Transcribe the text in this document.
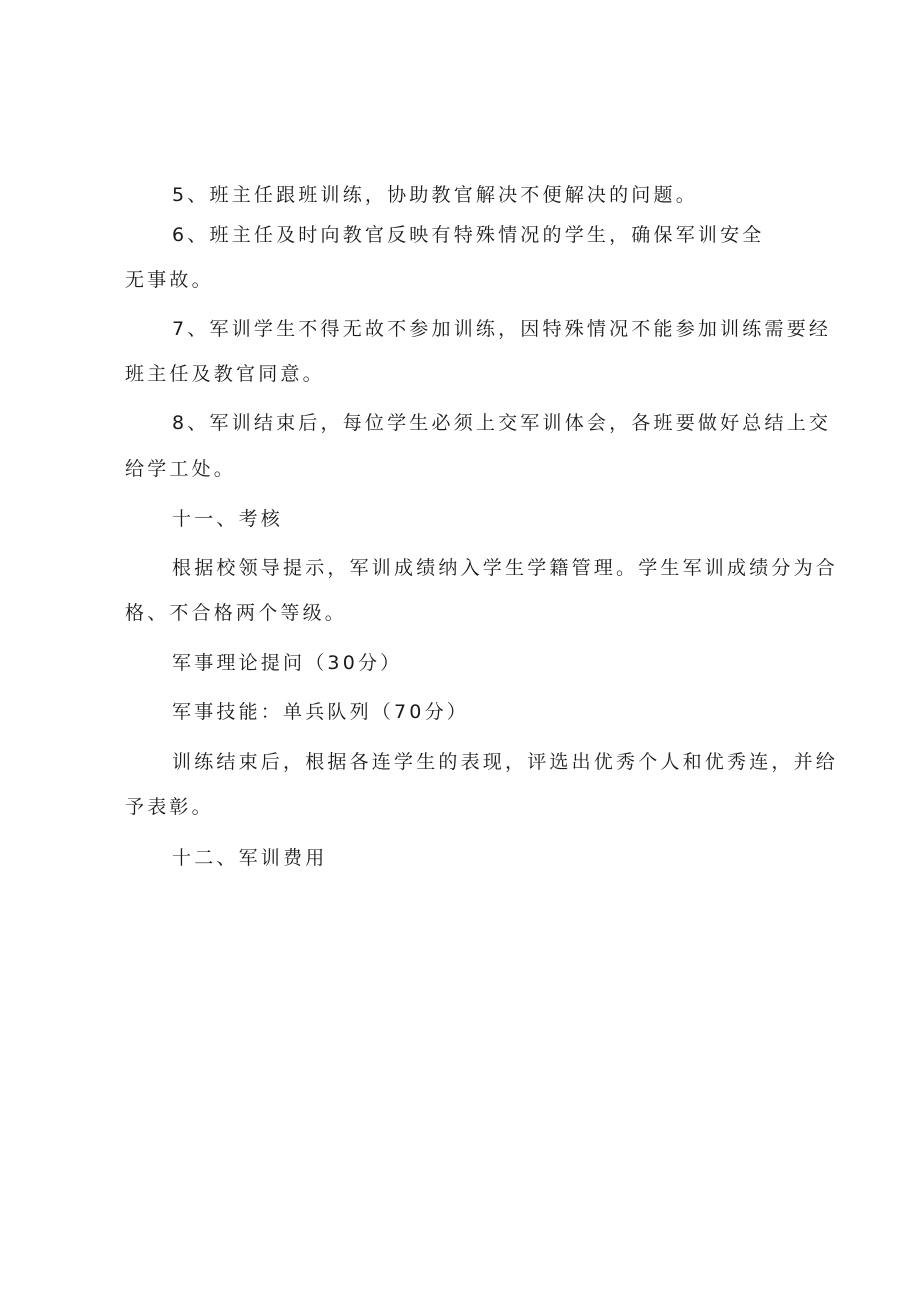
5、班主任跟班训练，协助教官解决不便解决的问题。
6、班主任及时向教官反映有特殊情况的学生，确保军训安全
无事故。
7、军训学生不得无故不参加训练，因特殊情况不能参加训练需要经
班主任及教官同意。
8、军训结束后，每位学生必须上交军训体会，各班要做好总结上交
给学工处。
十一、考核
根据校领导提示，军训成绩纳入学生学籍管理。学生军训成绩分为合
格、不合格两个等级。
军事理论提问（30分）
军事技能：单兵队列（70分）
训练结束后，根据各连学生的表现，评选出优秀个人和优秀连，并给
予表彰。
十二、军训费用
